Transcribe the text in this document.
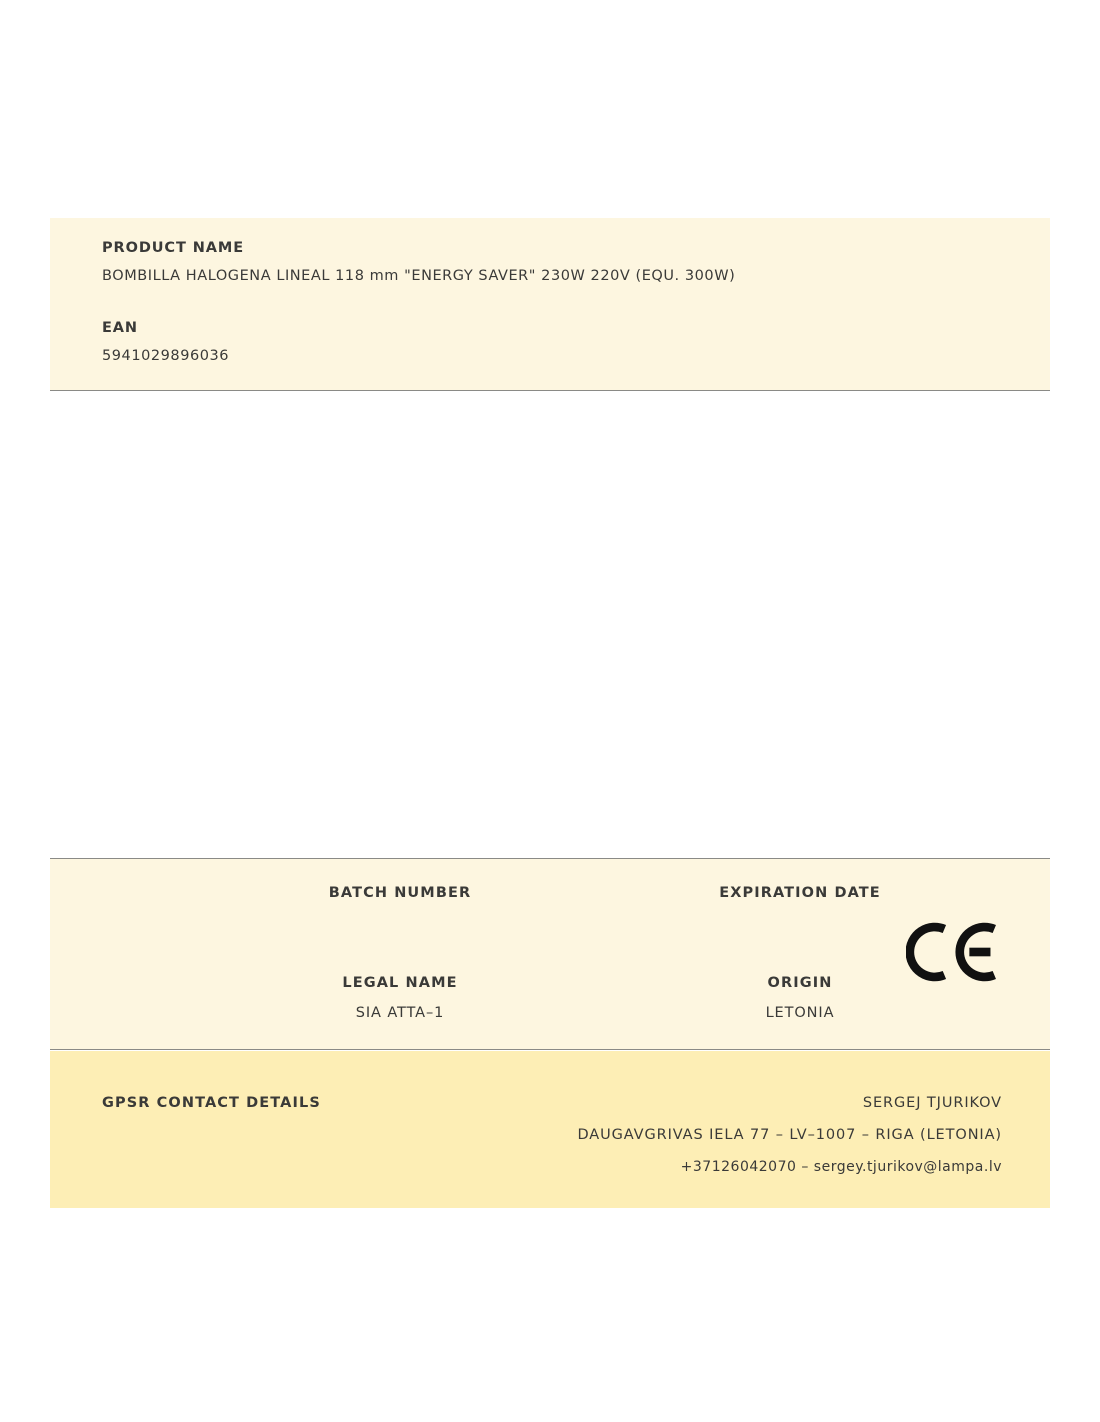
PRODUCT NAME
BOMBILLA HALOGENA LINEAL 118 mm "ENERGY SAVER" 230W 220V (EQU. 300W)
EAN
5941029896036
BATCH NUMBER	EXPIRATION DATE
LEGAL NAME	ORIGIN
SIA ATTA–1	LETONIA
GPSR CONTACT DETAILS	SERGEJ TJURIKOV
DAUGAVGRIVAS IELA 77 – LV–1007 – RIGA (LETONIA)
+37126042070 – sergey.tjurikov@lampa.lv
